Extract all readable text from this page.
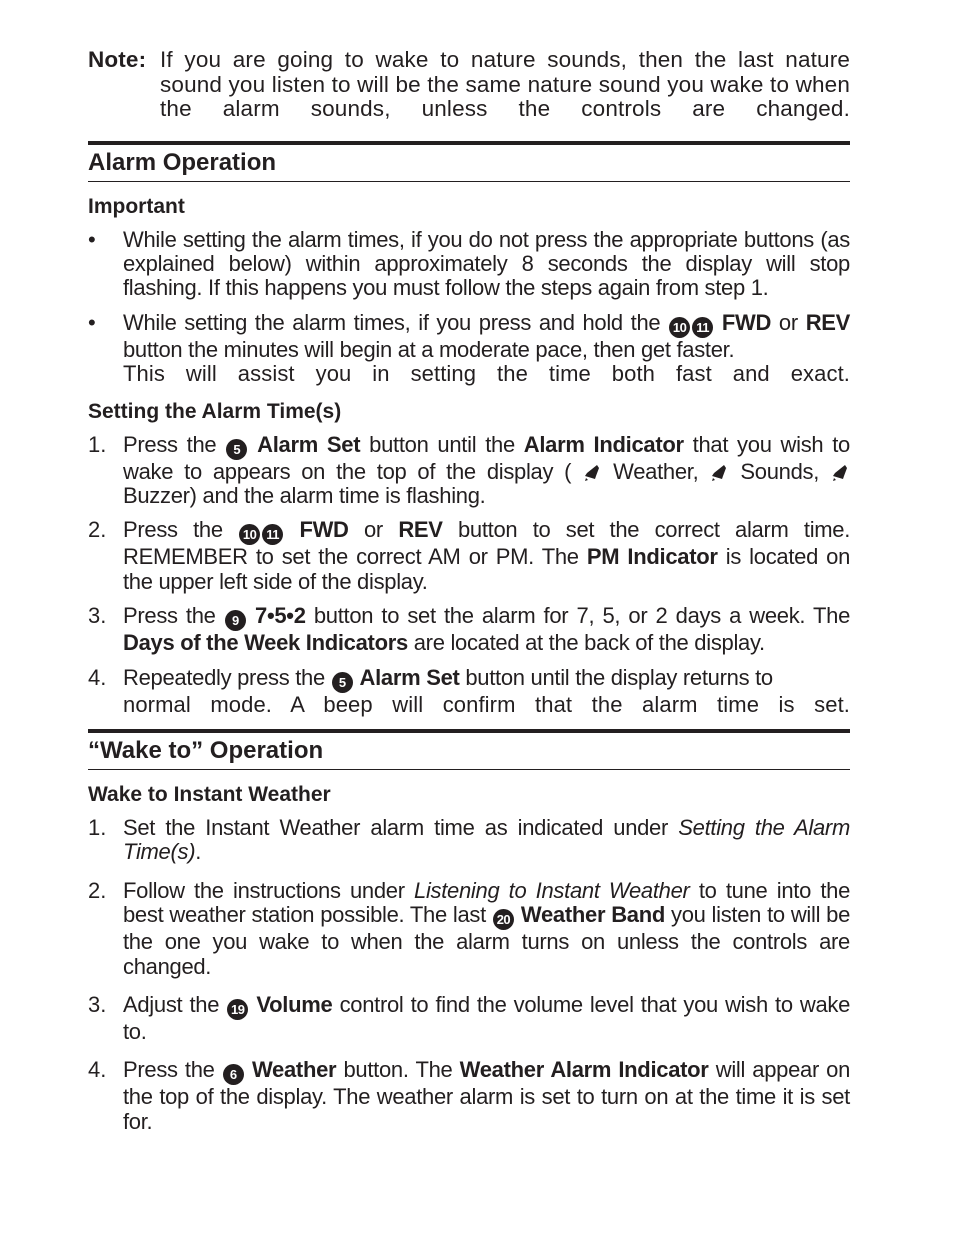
Note: If you are going to wake to nature sounds, then the last nature sound you listen to will be the same nature sound you wake to when the alarm sounds, unless the controls are changed.
Alarm Operation
Important
•	While setting the alarm times, if you do not press the appropriate buttons (as explained below) within approximately 8 seconds the display will stop flashing. If this happens you must follow the steps again from step 1.
•	While setting the alarm times, if you press and hold the 10 11 FWD or REV button the minutes will begin at a moderate pace, then get faster.
This will assist you in setting the time both fast and exact.
Setting the Alarm Time(s)
1. Press the 5 Alarm Set button until the Alarm Indicator that you wish to wake to appears on the top of the display ( Weather, Sounds,  Buzzer) and the alarm time is flashing.
2. Press the 10 11 FWD or REV button to set the correct alarm time. REMEMBER to set the correct AM or PM. The PM Indicator is located on the upper left side of the display.
3. Press the 9 7•5•2 button to set the alarm for 7, 5, or 2 days a week. The Days of the Week Indicators are located at the back of the display.
4. Repeatedly press the 5 Alarm Set button until the display returns to
normal mode. A beep will confirm that the alarm time is set.
“Wake to” Operation
Wake to Instant Weather
1. Set the Instant Weather alarm time as indicated under Setting the Alarm Time(s).
2. Follow the instructions under Listening to Instant Weather to tune into the best weather station possible. The last 20 Weather Band you listen to will be the one you wake to when the alarm turns on unless the controls are changed.
3. Adjust the 19 Volume control to find the volume level that you wish to wake to.
4. Press the 6 Weather button. The Weather Alarm Indicator will appear on the top of the display. The weather alarm is set to turn on at the time it is set for.
